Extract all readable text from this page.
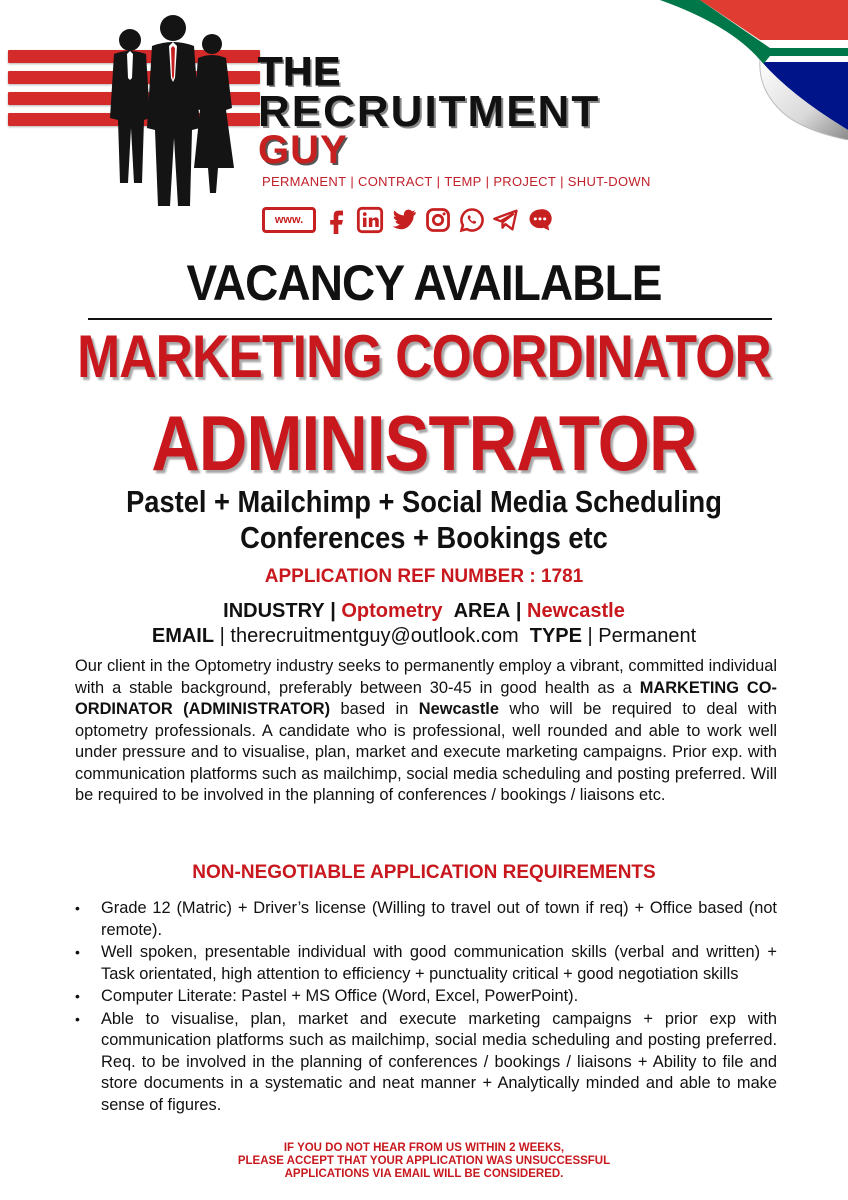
THE
RECRUITMENT
GUY
PERMANENT | CONTRACT | TEMP | PROJECT | SHUT-DOWN
www.
VACANCY AVAILABLE
MARKETING COORDINATOR
ADMINISTRATOR
Pastel + Mailchimp + Social Media Scheduling
Conferences + Bookings etc
APPLICATION REF NUMBER : 1781
INDUSTRY | Optometry AREA | Newcastle
EMAIL | therecruitmentguy@outlook.com TYPE | Permanent
Our client in the Optometry industry seeks to permanently employ a vibrant, committed individual with a stable background, preferably between 30-45 in good health as a MARKETING CO-ORDINATOR (ADMINISTRATOR) based in Newcastle who will be required to deal with optometry professionals. A candidate who is professional, well rounded and able to work well under pressure and to visualise, plan, market and execute marketing campaigns. Prior exp. with communication platforms such as mailchimp, social media scheduling and posting preferred. Will be required to be involved in the planning of conferences / bookings / liaisons etc.
NON-NEGOTIABLE APPLICATION REQUIREMENTS
• Grade 12 (Matric) + Driver’s license (Willing to travel out of town if req) + Office based (not remote).
• Well spoken, presentable individual with good communication skills (verbal and written) + Task orientated, high attention to efficiency + punctuality critical + good negotiation skills
• Computer Literate: Pastel + MS Office (Word, Excel, PowerPoint).
• Able to visualise, plan, market and execute marketing campaigns + prior exp with communication platforms such as mailchimp, social media scheduling and posting preferred. Req. to be involved in the planning of conferences / bookings / liaisons + Ability to file and store documents in a systematic and neat manner + Analytically minded and able to make sense of figures.
IF YOU DO NOT HEAR FROM US WITHIN 2 WEEKS,
PLEASE ACCEPT THAT YOUR APPLICATION WAS UNSUCCESSFUL
APPLICATIONS VIA EMAIL WILL BE CONSIDERED.
